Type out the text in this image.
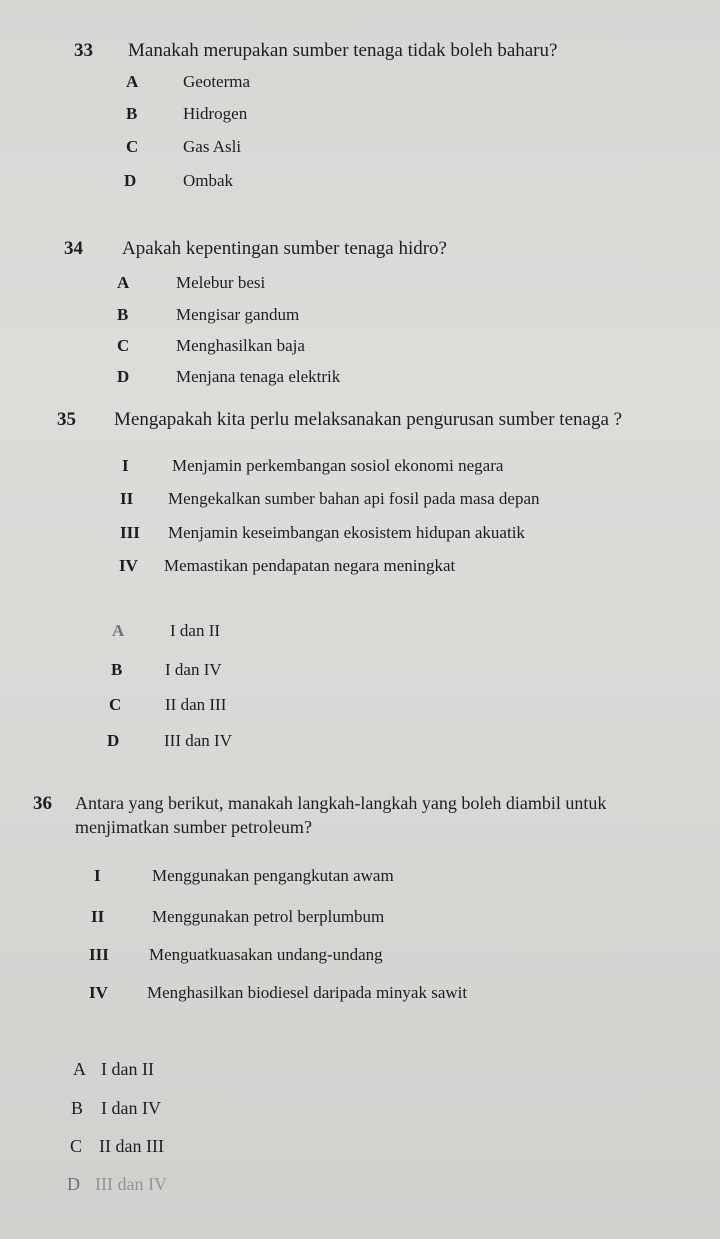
33 Manakah merupakan sumber tenaga tidak boleh baharu?
A	Geoterma
B	Hidrogen
C	Gas Asli
D	Ombak
34 Apakah kepentingan sumber tenaga hidro?
A	Melebur besi
B	Mengisar gandum
C	Menghasilkan baja
D	Menjana tenaga elektrik
35 Mengapakah kita perlu melaksanakan pengurusan sumber tenaga ?
I	Menjamin perkembangan sosiol ekonomi negara
II Mengekalkan sumber bahan api fosil pada masa depan
III Menjamin keseimbangan ekosistem hidupan akuatik
IV Memastikan pendapatan negara meningkat
A	I dan II
B	I dan IV
C	II dan III
D	III dan IV
36 Antara yang berikut, manakah langkah-langkah yang boleh diambil untuk
menjimatkan sumber petroleum?
I	Menggunakan pengangkutan awam
II	Menggunakan petrol berplumbum
III Menguatkuasakan undang-undang
IV Menghasilkan biodiesel daripada minyak sawit
A I dan II
B I dan IV
C II dan III
D III dan IV
